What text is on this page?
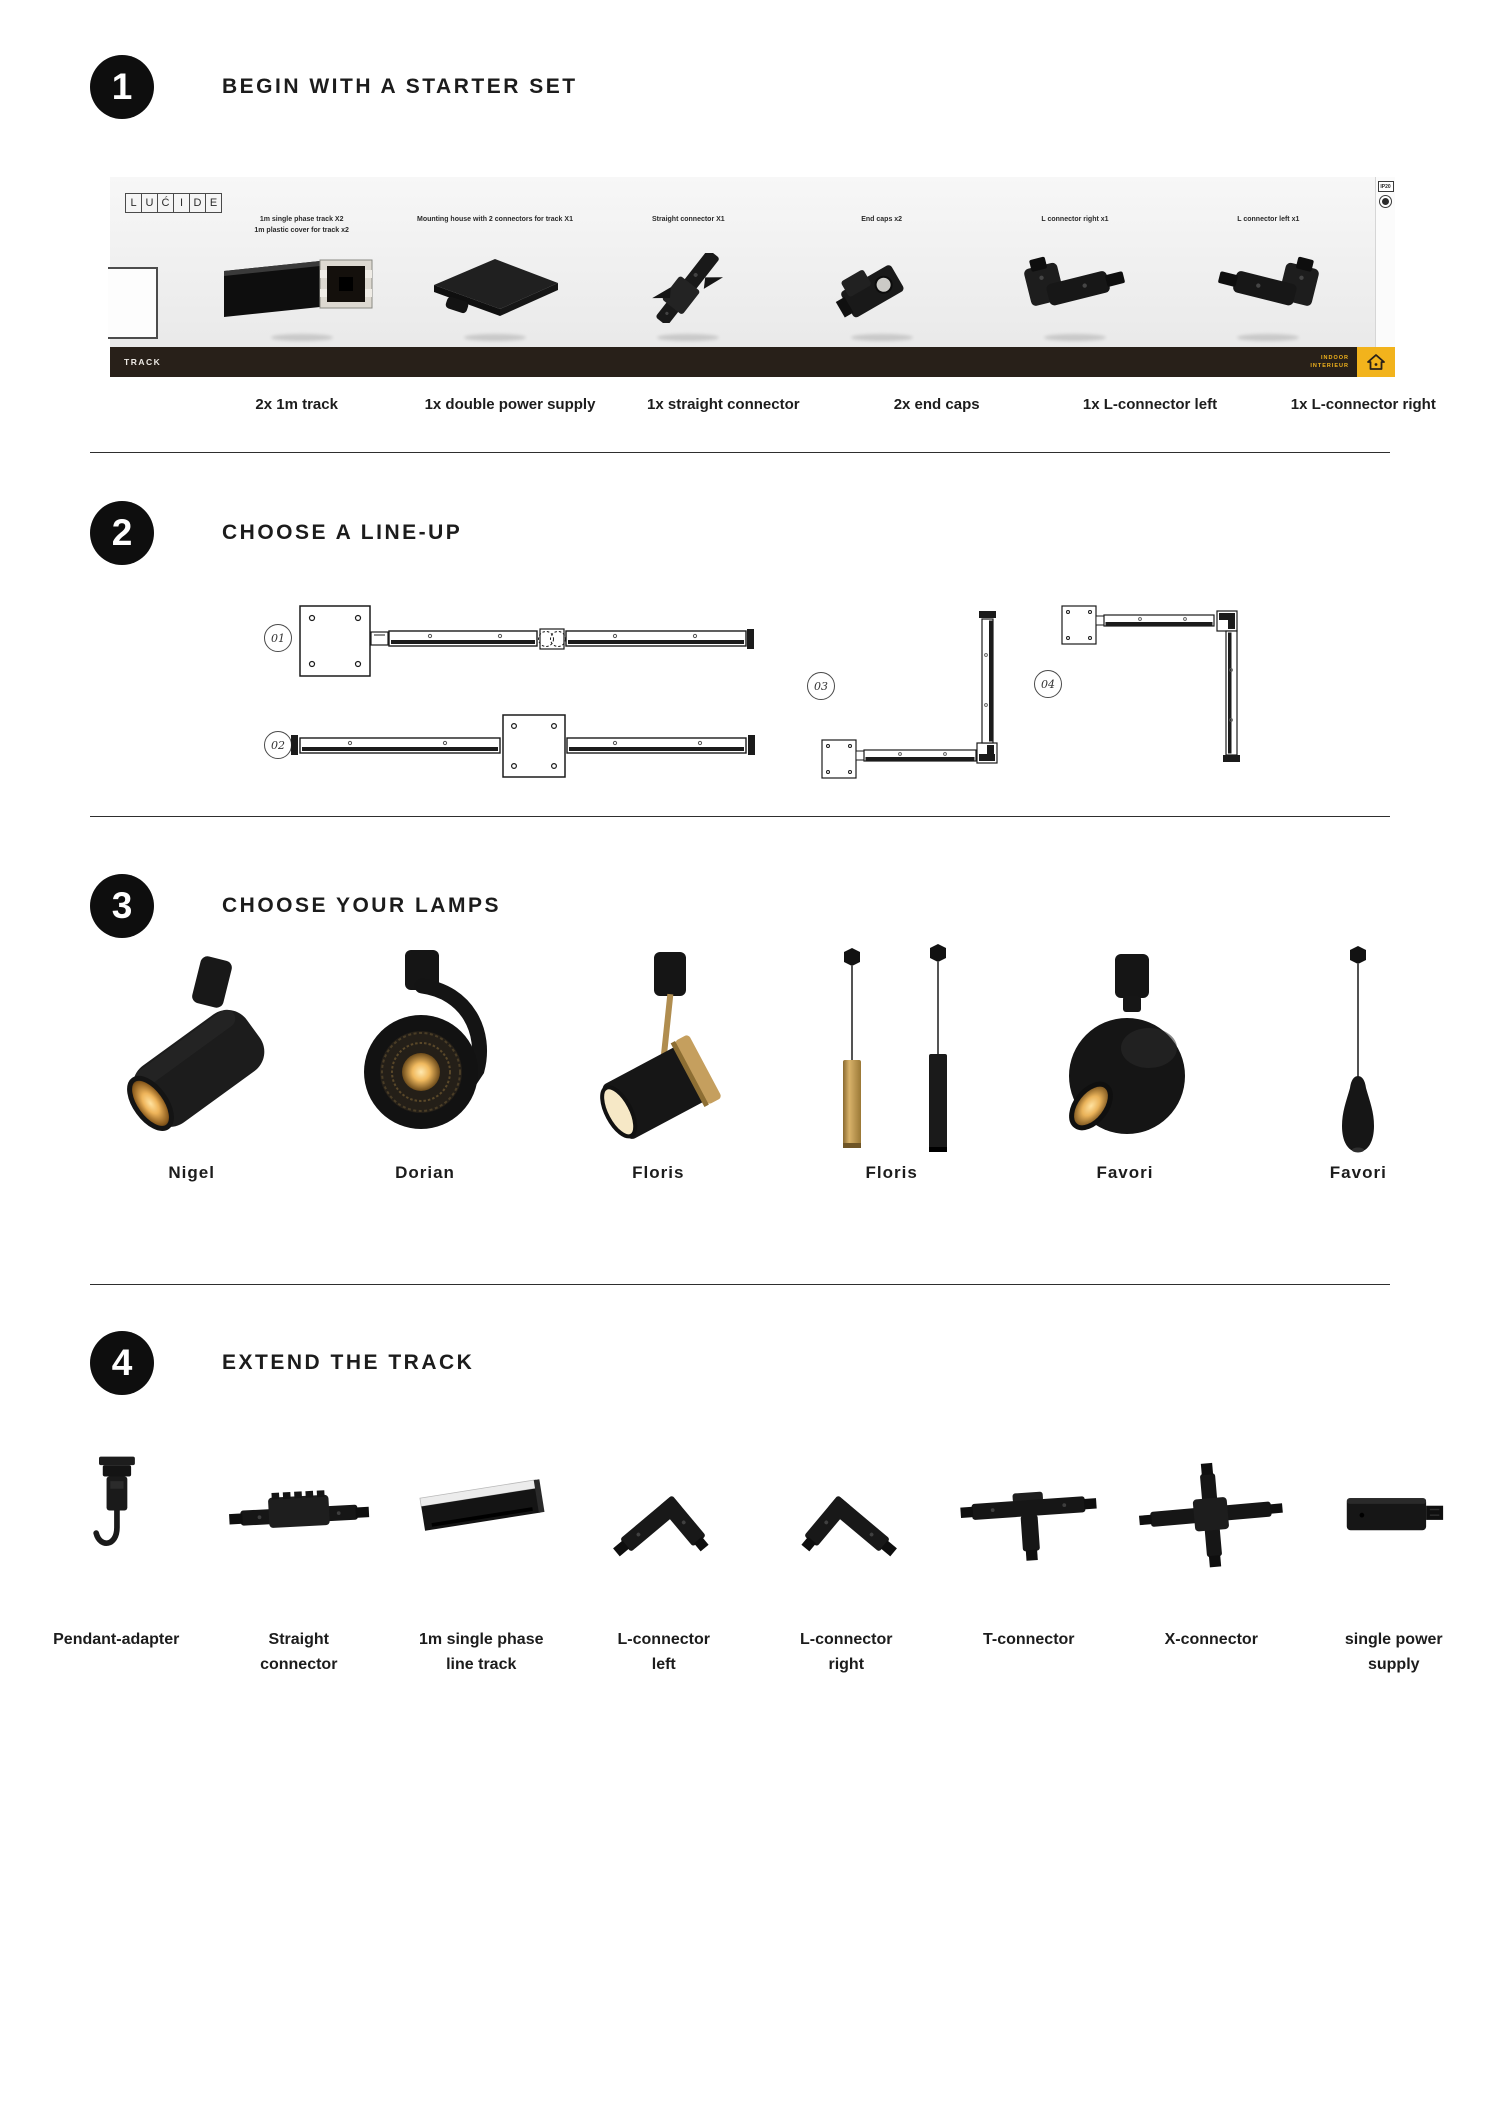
1	BEGIN WITH A STARTER SET
L U Ć I D E
1m single phase track X2
1m plastic cover for track x2
Mounting house with 2 connectors for track X1	Straight connector X1	End caps x2	L connector right x1	L connector left x1
IP20
TRACK	INDOOR
INTERIEUR
2x 1m track	1x double power supply	1x straight connector	2x end caps	1x L-connector left	1x L-connector right
2	CHOOSE A LINE-UP
01
02
03	04
3	CHOOSE YOUR LAMPS
Nigel	Dorian	Floris	Floris	Favori	Favori
4	EXTEND THE TRACK
Pendant-adapter	Straight
connector
1m single phase
line track
L-connector
left
L-connector
right
T-connector	X-connector	single power
supply
